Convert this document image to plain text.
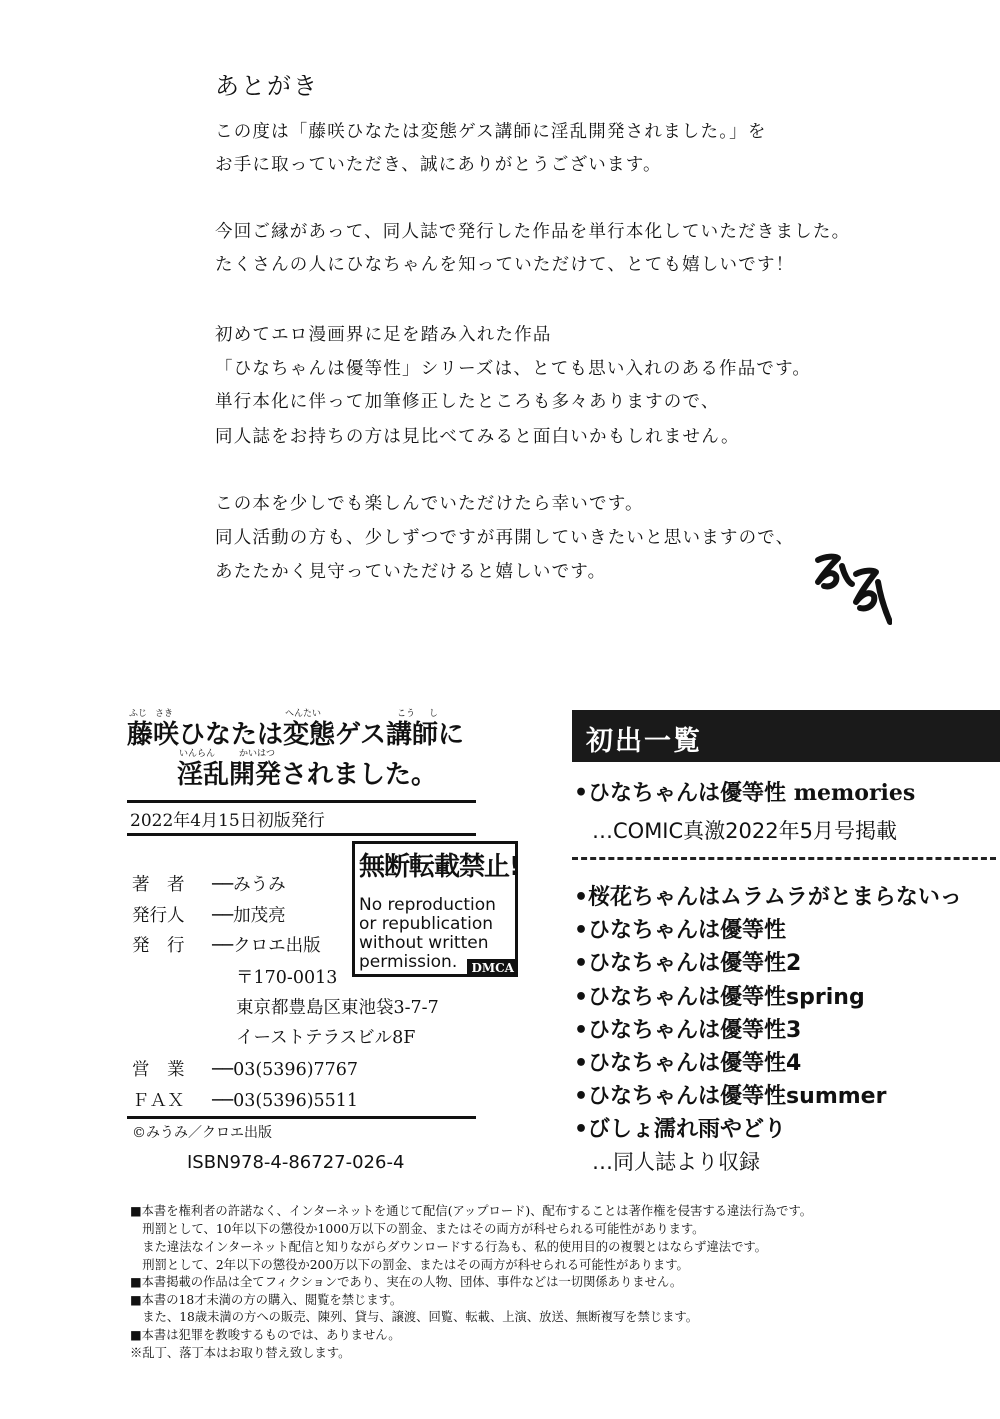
あとがき
この度は「藤咲ひなたは変態ゲス講師に淫乱開発されました。」を
お手に取っていただき、誠にありがとうございます。
今回ご縁があって、同人誌で発行した作品を単行本化していただきました。
たくさんの人にひなちゃんを知っていただけて、とても嬉しいです！
初めてエロ漫画界に足を踏み入れた作品
「ひなちゃんは優等性」シリーズは、とても思い入れのある作品です。
単行本化に伴って加筆修正したところも多々ありますので、
同人誌をお持ちの方は見比べてみると面白いかもしれません。
この本を少しでも楽しんでいただけたら幸いです。
同人活動の方も、少しずつですが再開していきたいと思いますので、
あたたかく見守っていただけると嬉しいです。
ふじ さき	へんたい	こう し
藤咲ひなたは変態ゲス講師に
いんらん	かいはつ
淫乱開発されました。
2022年4月15日初版発行
著　者 ──みうみ
発行人 ──加茂亮
発　行 ──クロエ出版
〒170-0013
東京都豊島区東池袋3-7-7
イーストテラスビル8F
営　業 ──03(5396)7767
ＦＡＸ ──03(5396)5511
©みうみ／クロエ出版
ISBN978-4-86727-026-4
無断転載禁止!
No reproduction
or republication
without written
permission.	DMCA
初出一覧
•ひなちゃんは優等性 memories
…COMIC真激2022年5月号掲載
•桜花ちゃんはムラムラがとまらないっ
•ひなちゃんは優等性
•ひなちゃんは優等性2
•ひなちゃんは優等性spring
•ひなちゃんは優等性3
•ひなちゃんは優等性4
•ひなちゃんは優等性summer
•びしょ濡れ雨やどり
…同人誌より収録
■本書を権利者の許諾なく、インターネットを通じて配信(アップロード)、配布することは著作権を侵害する違法行為です。
　刑罰として、10年以下の懲役か1000万以下の罰金、またはその両方が科せられる可能性があります。
　また違法なインターネット配信と知りながらダウンロードする行為も、私的使用目的の複製とはならず違法です。
　刑罰として、2年以下の懲役か200万以下の罰金、またはその両方が科せられる可能性があります。
■本書掲載の作品は全てフィクションであり、実在の人物、団体、事件などは一切関係ありません。
■本書の18才未満の方の購入、閲覧を禁じます。
　また、18歳未満の方への販売、陳列、貸与、譲渡、回覧、転載、上演、放送、無断複写を禁じます。
■本書は犯罪を教唆するものでは、ありません。
※乱丁、落丁本はお取り替え致します。
